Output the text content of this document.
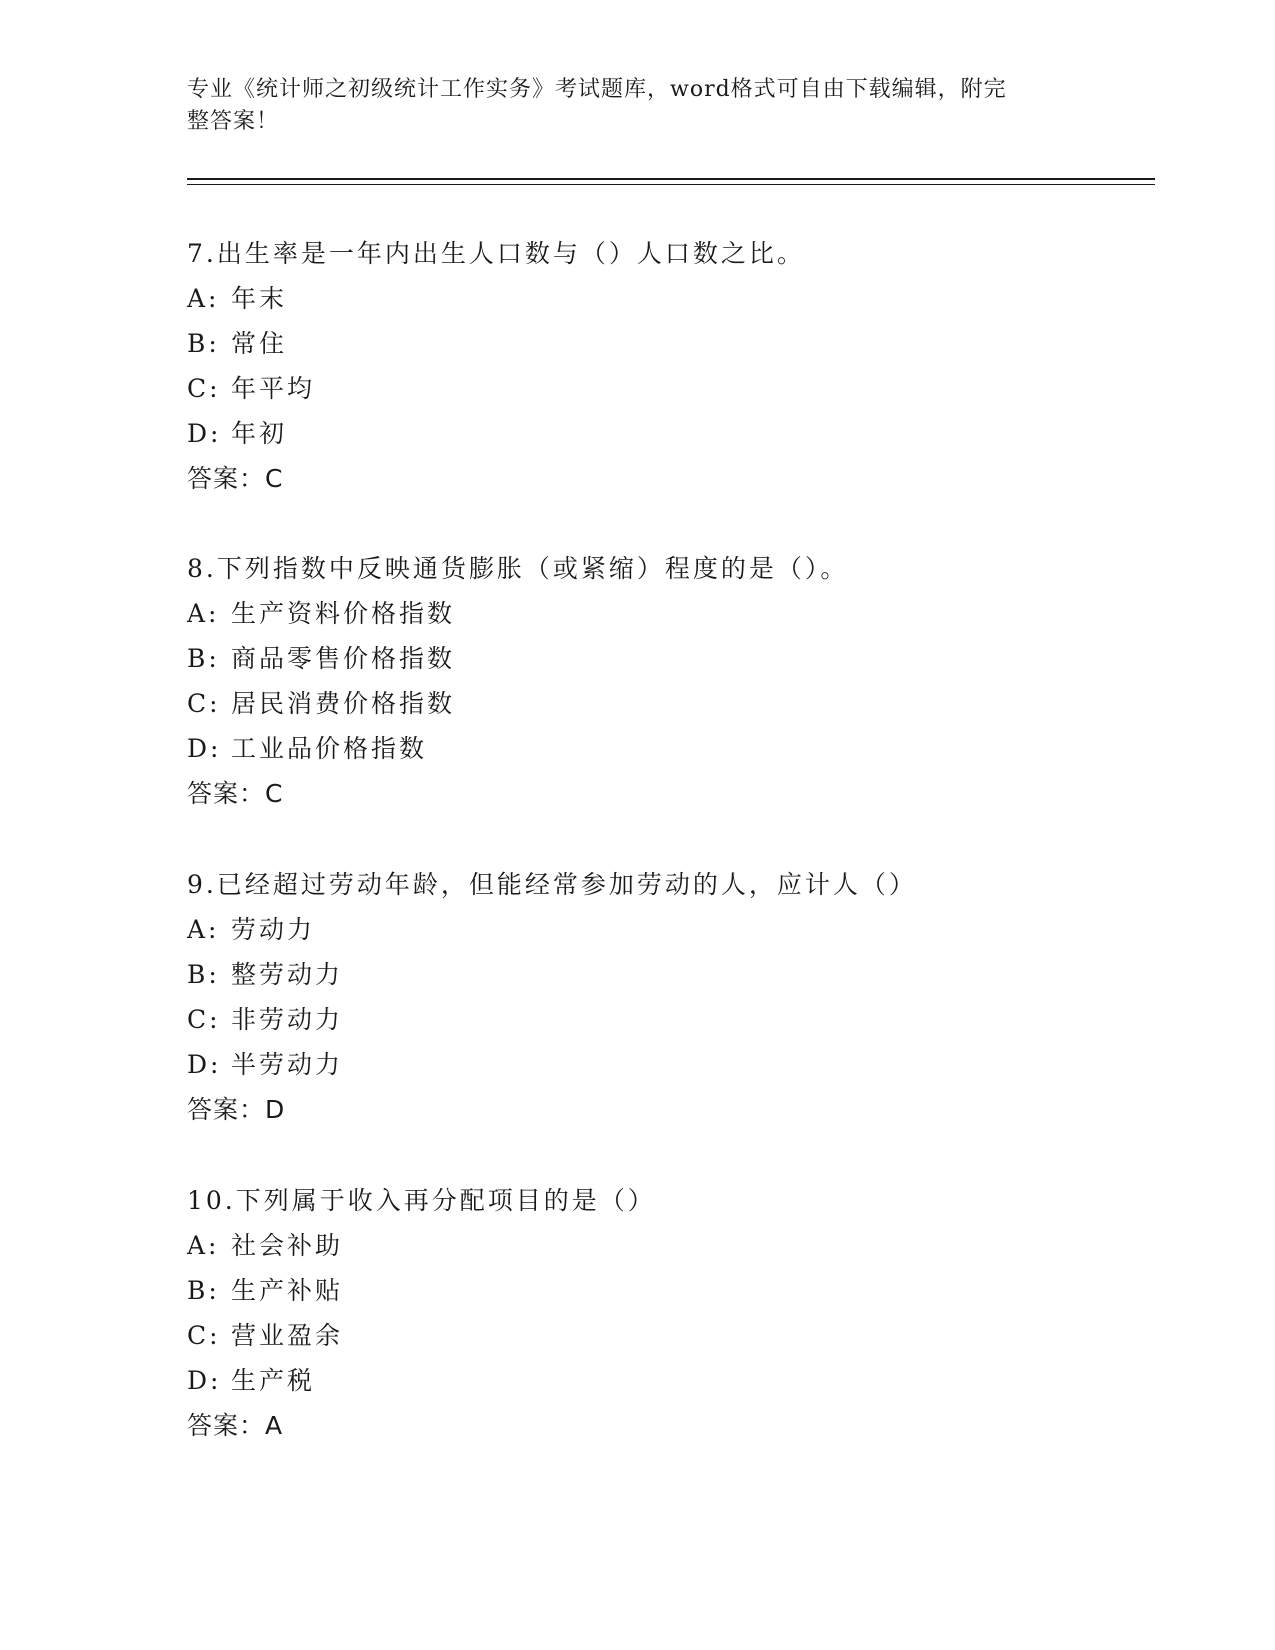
专业《统计师之初级统计工作实务》考试题库，word格式可自由下载编辑，附完
整答案！
7.出生率是一年内出生人口数与（）人口数之比。
A: 年末
B: 常住
C: 年平均
D: 年初
答案：C
8.下列指数中反映通货膨胀（或紧缩）程度的是（）。
A: 生产资料价格指数
B: 商品零售价格指数
C: 居民消费价格指数
D: 工业品价格指数
答案：C
9.已经超过劳动年龄，但能经常参加劳动的人，应计人（）
A: 劳动力
B: 整劳动力
C: 非劳动力
D: 半劳动力
答案：D
10.下列属于收入再分配项目的是（）
A: 社会补助
B: 生产补贴
C: 营业盈余
D: 生产税
答案：A
